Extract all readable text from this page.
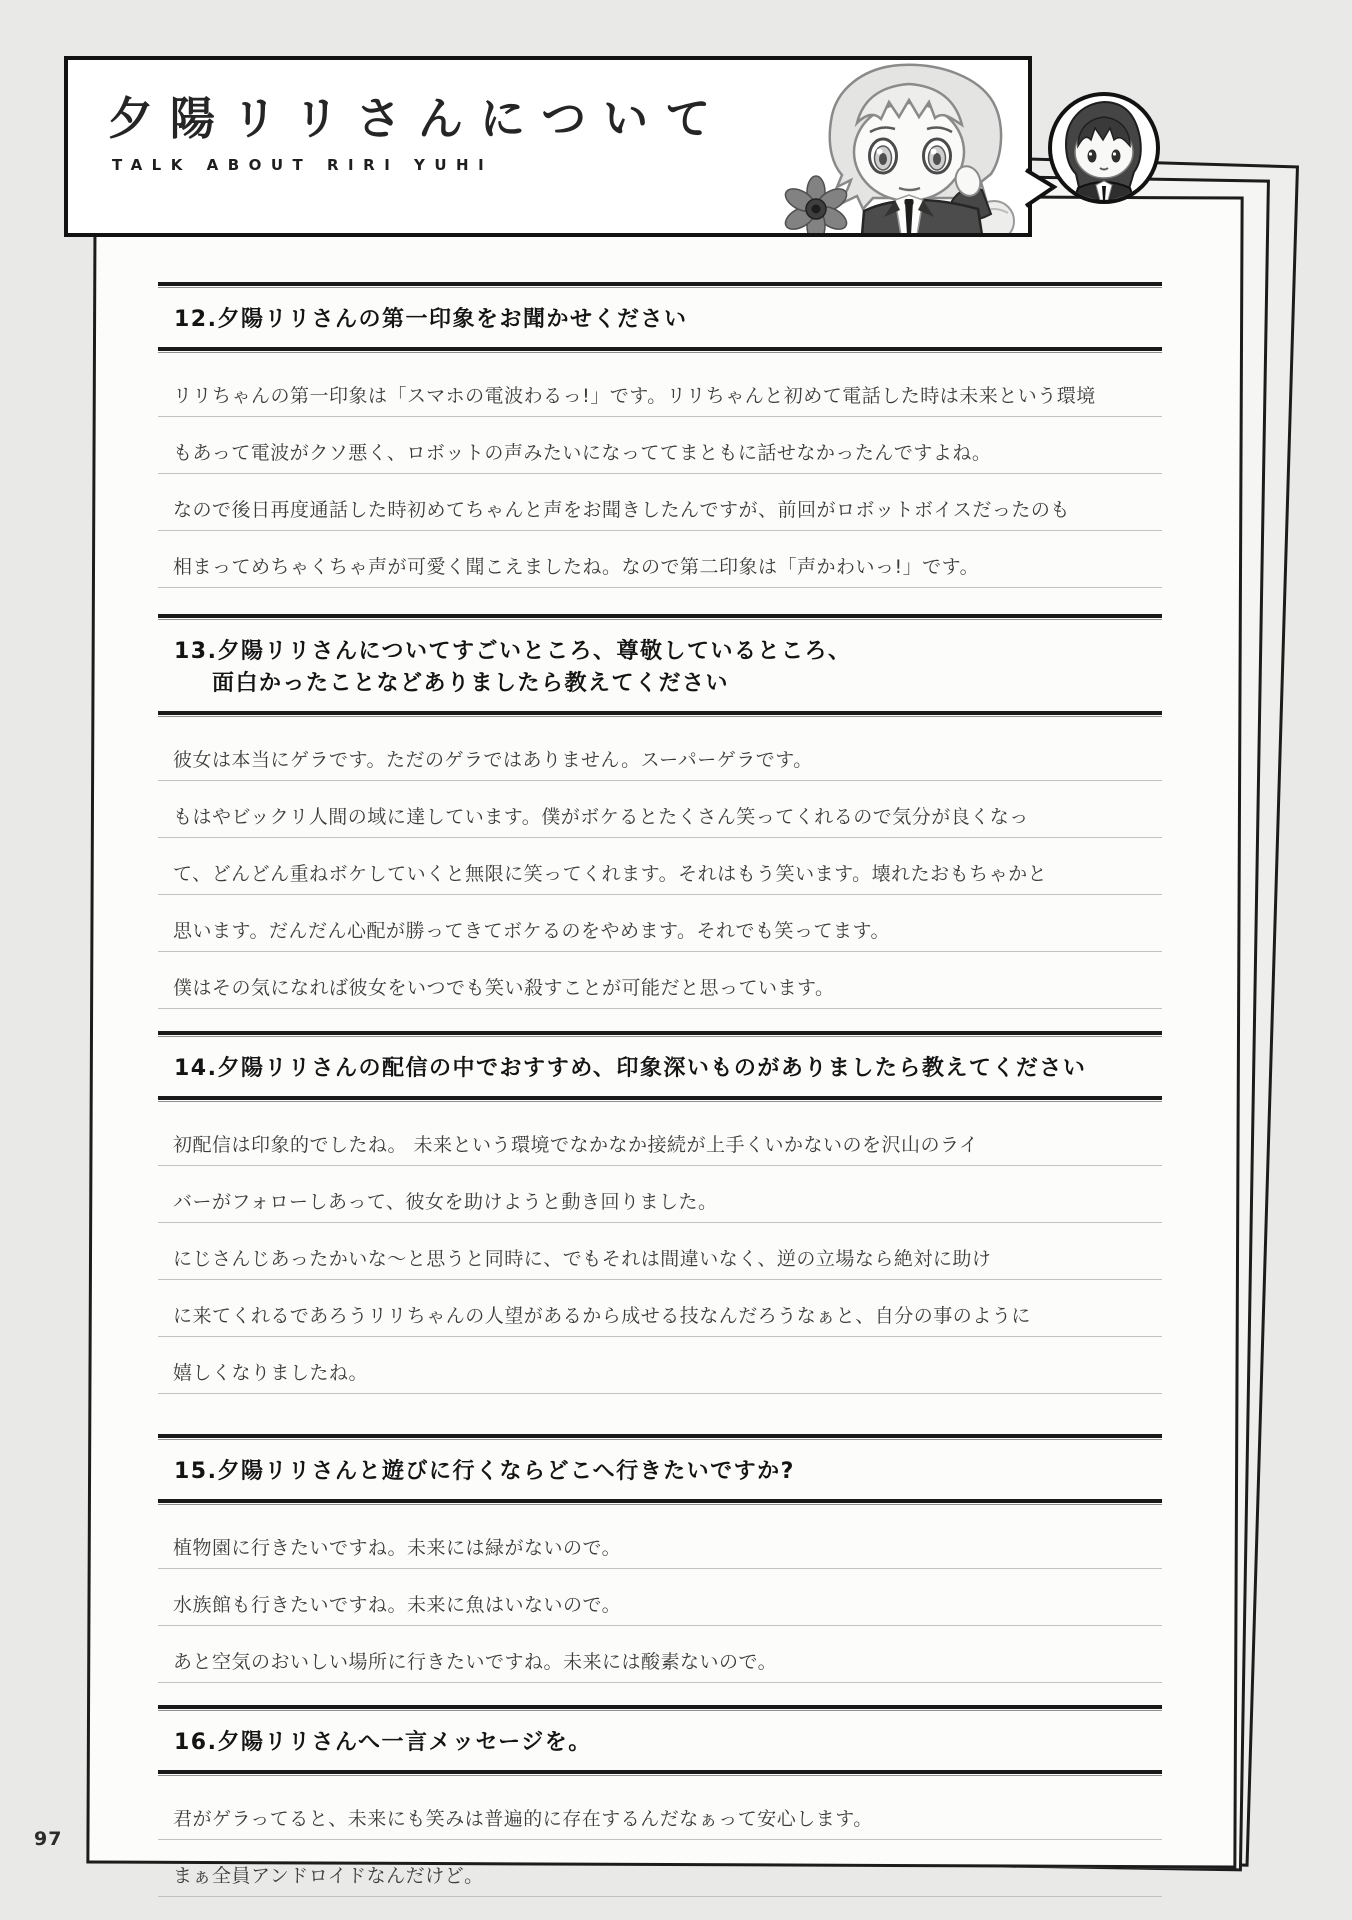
12.夕陽リリさんの第一印象をお聞かせください
リリちゃんの第一印象は「スマホの電波わるっ!」です。リリちゃんと初めて電話した時は未来という環境
もあって電波がクソ悪く、ロボットの声みたいになっててまともに話せなかったんですよね。
なので後日再度通話した時初めてちゃんと声をお聞きしたんですが、前回がロボットボイスだったのも
相まってめちゃくちゃ声が可愛く聞こえましたね。なので第二印象は「声かわいっ!」です。
13.夕陽リリさんについてすごいところ、尊敬しているところ、
面白かったことなどありましたら教えてください
彼女は本当にゲラです。ただのゲラではありません。スーパーゲラです。
もはやビックリ人間の域に達しています。僕がボケるとたくさん笑ってくれるので気分が良くなっ
て、どんどん重ねボケしていくと無限に笑ってくれます。それはもう笑います。壊れたおもちゃかと
思います。だんだん心配が勝ってきてボケるのをやめます。それでも笑ってます。
僕はその気になれば彼女をいつでも笑い殺すことが可能だと思っています。
14.夕陽リリさんの配信の中でおすすめ、印象深いものがありましたら教えてください
初配信は印象的でしたね。 未来という環境でなかなか接続が上手くいかないのを沢山のライ
バーがフォローしあって、彼女を助けようと動き回りました。
にじさんじあったかいな～と思うと同時に、でもそれは間違いなく、逆の立場なら絶対に助け
に来てくれるであろうリリちゃんの人望があるから成せる技なんだろうなぁと、自分の事のように
嬉しくなりましたね。
15.夕陽リリさんと遊びに行くならどこへ行きたいですか?
植物園に行きたいですね。未来には緑がないので。
水族館も行きたいですね。未来に魚はいないので。
あと空気のおいしい場所に行きたいですね。未来には酸素ないので。
16.夕陽リリさんへ一言メッセージを。
君がゲラってると、未来にも笑みは普遍的に存在するんだなぁって安心します。
まぁ全員アンドロイドなんだけど。
夕陽リリさんについて
TALK ABOUT RIRI YUHI
97
